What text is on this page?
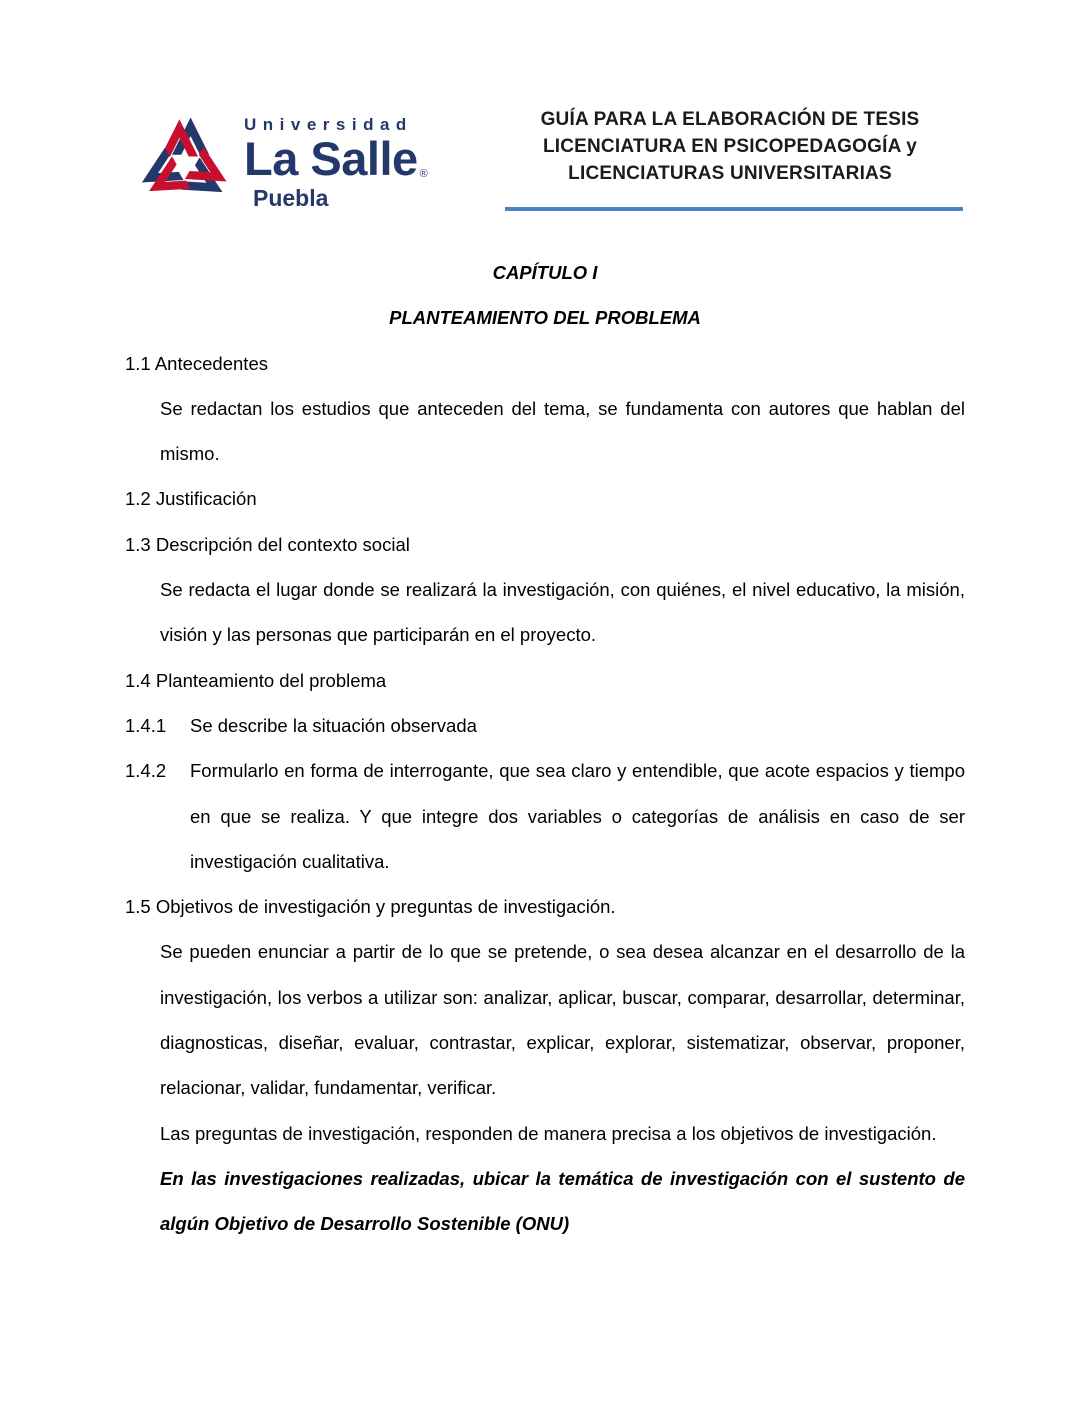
Universidad
La Salle ®
Puebla
GUÍA PARA LA ELABORACIÓN DE TESIS
LICENCIATURA EN PSICOPEDAGOGÍA y
LICENCIATURAS UNIVERSITARIAS
CAPÍTULO I
PLANTEAMIENTO DEL PROBLEMA
1.1 Antecedentes
Se redactan los estudios que anteceden del tema, se fundamenta con autores que hablan del mismo.
1.2 Justificación
1.3 Descripción del contexto social
Se redacta el lugar donde se realizará la investigación, con quiénes, el nivel educativo, la misión, visión y las personas que participarán en el proyecto.
1.4 Planteamiento del problema
1.4.1	Se describe la situación observada
1.4.2	Formularlo en forma de interrogante, que sea claro y entendible, que acote espacios y tiempo en que se realiza. Y que integre dos variables o categorías de análisis en caso de ser investigación cualitativa.
1.5 Objetivos de investigación y preguntas de investigación.
Se pueden enunciar a partir de lo que se pretende, o sea desea alcanzar en el desarrollo de la investigación, los verbos a utilizar son: analizar, aplicar, buscar, comparar, desarrollar, determinar, diagnosticas, diseñar, evaluar, contrastar, explicar, explorar, sistematizar, observar, proponer, relacionar, validar, fundamentar, verificar.
Las preguntas de investigación, responden de manera precisa a los objetivos de investigación.
En las investigaciones realizadas, ubicar la temática de investigación con el sustento de algún Objetivo de Desarrollo Sostenible (ONU)
